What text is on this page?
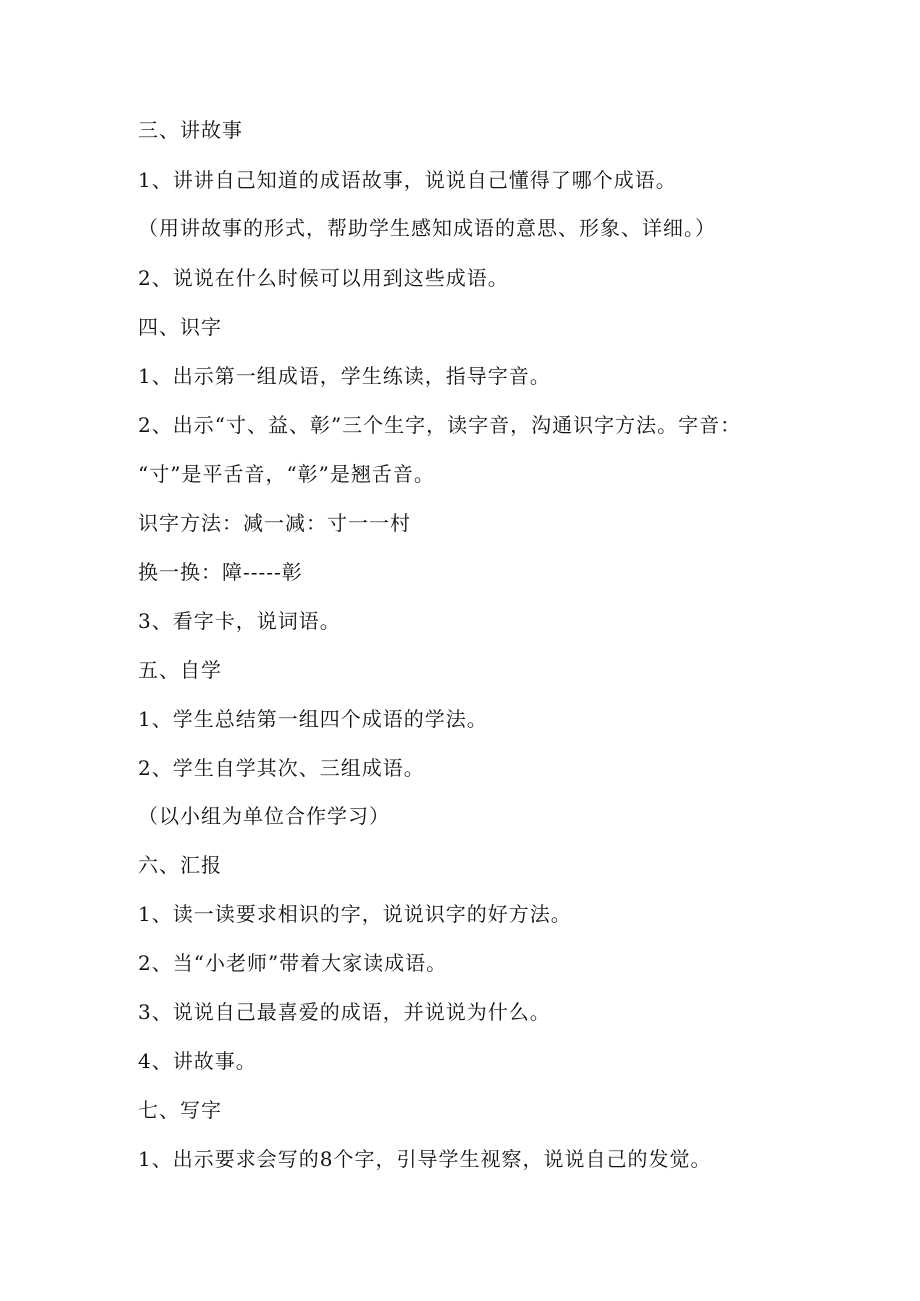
三、讲故事
1、讲讲自己知道的成语故事，说说自己懂得了哪个成语。
（用讲故事的形式，帮助学生感知成语的意思、形象、详细。）
2、说说在什么时候可以用到这些成语。
四、识字
1、出示第一组成语，学生练读，指导字音。
2、出示“寸、益、彰”三个生字，读字音，沟通识字方法。字音：
“寸”是平舌音，“彰”是翘舌音。
识字方法：减一减：寸一一村
换一换：障-----彰
3、看字卡，说词语。
五、自学
1、学生总结第一组四个成语的学法。
2、学生自学其次、三组成语。
（以小组为单位合作学习）
六、汇报
1、读一读要求相识的字，说说识字的好方法。
2、当“小老师”带着大家读成语。
3、说说自己最喜爱的成语，并说说为什么。
4、讲故事。
七、写字
1、出示要求会写的8个字，引导学生视察，说说自己的发觉。
